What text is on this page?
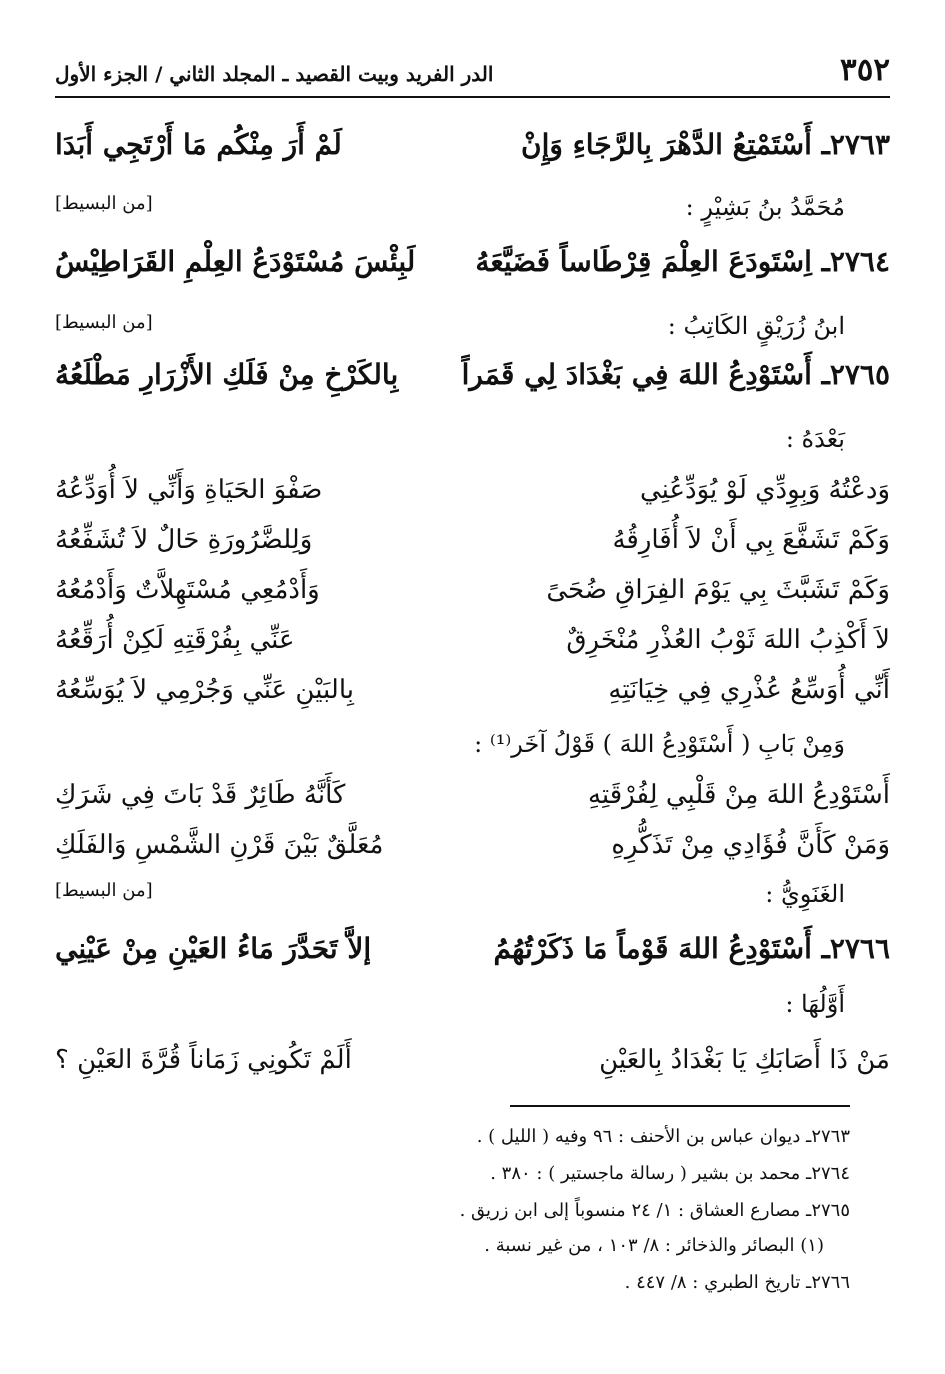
٣٥٢
الدر الفريد وبيت القصيد ـ المجلد الثاني / الجزء الأول
٢٧٦٣ـ أَسْتَمْتِعُ الدَّهْرَ بِالرَّجَاءِ وَإِنْ
لَمْ أَرَ مِنْكُم مَا أَرْتَجِي أَبَدَا
مُحَمَّدُ بنُ بَشِيْرٍ :
[من البسيط]
٢٧٦٤ـ اِسْتَودَعَ العِلْمَ قِرْطَاساً فَضَيَّعَهُ
لَبِئْسَ مُسْتَوْدَعُ العِلْمِ القَرَاطِيْسُ
ابنُ زُرَيْقٍ الكَاتِبُ :
[من البسيط]
٢٧٦٥ـ أَسْتَوْدِعُ اللهَ فِي بَغْدَادَ لِي قَمَراً
بِالكَرْخِ مِنْ فَلَكِ الأَزْرَارِ مَطْلَعُهُ
بَعْدَهُ :
وَدعْتُهُ وَبِوِدِّي لَوْ يُوَدِّعُنِي
صَفْوَ الحَيَاةِ وَأَنِّي لاَ أُوَدِّعُهُ
وَكَمْ تَشَفَّعَ بِي أَنْ لاَ أُفَارِقُهُ
وَلِلضَّرُورَةِ حَالٌ لاَ تُشَفِّعُهُ
وَكَمْ تَشَبَّثَ بِي يَوْمَ الفِرَاقِ ضُحَىً
وَأَدْمُعِي مُسْتَهِلاَّتٌ وَأَدْمُعُهُ
لاَ أَكْذِبُ اللهَ ثَوْبُ العُذْرِ مُنْخَرِقٌ
عَنِّي بِفُرْقَتِهِ لَكِنْ أُرَقِّعُهُ
أَنِّي أُوَسِّعُ عُذْرِي فِي خِيَانَتِهِ
بِالبَيْنِ عَنِّي وَجُرْمِي لاَ يُوَسِّعُهُ
وَمِنْ بَابِ ( أَسْتَوْدِعُ اللهَ ) قَوْلُ آخَر⁽¹⁾ :
أَسْتَوْدِعُ اللهَ مِنْ قَلْبِي لِفُرْقَتِهِ
كَأَنَّهُ طَائِرٌ قَدْ بَاتَ فِي شَرَكِ
وَمَنْ كَأَنَّ فُؤَادِي مِنْ تَذَكُّرِهِ
مُعَلَّقٌ بَيْنَ قَرْنِ الشَّمْسِ وَالفَلَكِ
الغَنَوِيُّ :
[من البسيط]
٢٧٦٦ـ أَسْتَوْدِعُ اللهَ قَوْماً مَا ذَكَرْتُهُمُ
إلاَّ تَحَدَّرَ مَاءُ العَيْنِ مِنْ عَيْنِي
أَوَّلُهَا :
مَنْ ذَا أَصَابَكِ يَا بَغْدَادُ بِالعَيْنِ
أَلَمْ تَكُونِي زَمَاناً قُرَّةَ العَيْنِ ؟
٢٧٦٣ـ ديوان عباس بن الأحنف : ٩٦ وفيه ( الليل ) .
٢٧٦٤ـ محمد بن بشير ( رسالة ماجستير ) : ٣٨٠ .
٢٧٦٥ـ مصارع العشاق : ١/ ٢٤ منسوباً إلى ابن زريق .
(١) البصائر والذخائر : ٨/ ١٠٣ ، من غير نسبة .
٢٧٦٦ـ تاريخ الطبري : ٨/ ٤٤٧ .
